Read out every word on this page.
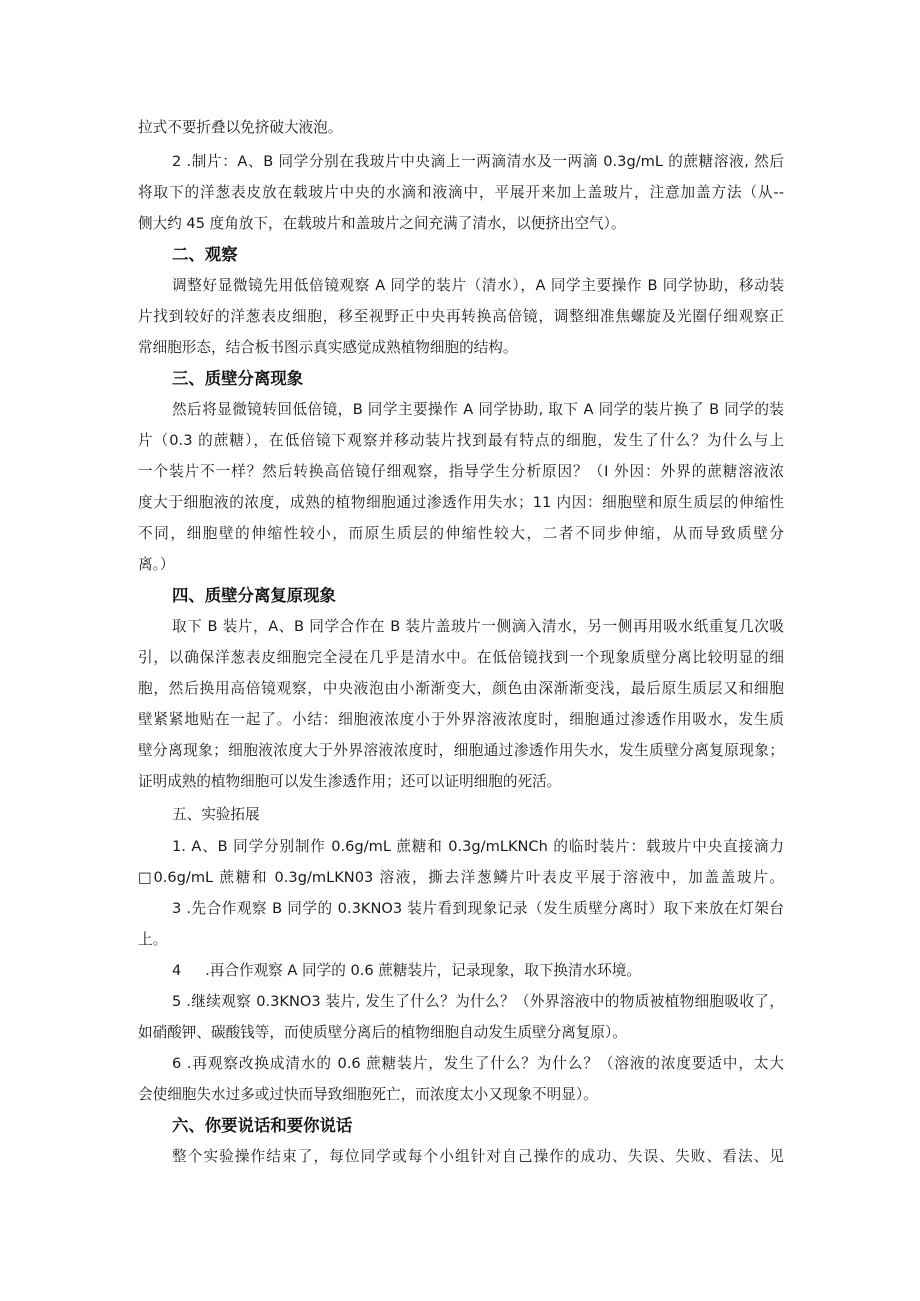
拉式不要折叠以免挤破大液泡。
2 .制片：A、B 同学分别在我玻片中央滴上一两滴清水及一两滴 0.3g/mL 的蔗糖溶液, 然后
将取下的洋葱表皮放在载玻片中央的水滴和液滴中，平展开来加上盖玻片，注意加盖方法（从--
侧大约 45 度角放下，在载玻片和盖玻片之间充满了清水，以便挤出空气）。
二、观察
调整好显微镜先用低倍镜观察 A 同学的装片（清水），A 同学主要操作 B 同学协助，移动装
片找到较好的洋葱表皮细胞，移至视野正中央再转换高倍镜，调整细准焦螺旋及光圈仔细观察正
常细胞形态，结合板书图示真实感觉成熟植物细胞的结构。
三、质壁分离现象
然后将显微镜转回低倍镜，B 同学主要操作 A 同学协助, 取下 A 同学的装片换了 B 同学的装
片（0.3 的蔗糖），在低倍镜下观察并移动装片找到最有特点的细胞，发生了什么？为什么与上
一个装片不一样？然后转换高倍镜仔细观察，指导学生分析原因？（I 外因：外界的蔗糖溶液浓
度大于细胞液的浓度，成熟的植物细胞通过渗透作用失水；11 内因：细胞壁和原生质层的伸缩性
不同，细胞壁的伸缩性较小，而原生质层的伸缩性较大，二者不同步伸缩，从而导致质壁分
离。）
四、质壁分离复原现象
取下 B 装片，A、B 同学合作在 B 装片盖玻片一侧滴入清水，另一侧再用吸水纸重复几次吸
引，以确保洋葱表皮细胞完全浸在几乎是清水中。在低倍镜找到一个现象质壁分离比较明显的细
胞，然后换用高倍镜观察，中央液泡由小渐渐变大，颜色由深渐渐变浅，最后原生质层又和细胞
壁紧紧地贴在一起了。小结：细胞液浓度小于外界溶液浓度时，细胞通过渗透作用吸水，发生质
壁分离现象；细胞液浓度大于外界溶液浓度时，细胞通过渗透作用失水，发生质壁分离复原现象；
证明成熟的植物细胞可以发生渗透作用；还可以证明细胞的死活。
五、实验拓展
1. A、B 同学分别制作 0.6g/mL 蔗糖和 0.3g/mLKNCh 的临时装片：载玻片中央直接滴力
□0.6g∕mL 蔗糖和 0.3g∕mLKN03 溶液，撕去洋葱鳞片叶表皮平展于溶液中，加盖盖玻片。
3 .先合作观察 B 同学的 0.3KNO3 装片看到现象记录（发生质壁分离时）取下来放在灯架台
上。
4 　 .再合作观察 A 同学的 0.6 蔗糖装片，记录现象，取下换清水环境。
5 .继续观察 0.3KNO3 装片, 发生了什么？为什么？（外界溶液中的物质被植物细胞吸收了，
如硝酸钾、碳酸钱等，而使质壁分离后的植物细胞自动发生质壁分离复原）。
6 .再观察改换成清水的 0.6 蔗糖装片，发生了什么？为什么？（溶液的浓度要适中，太大
会使细胞失水过多或过快而导致细胞死亡，而浓度太小又现象不明显）。
六、你要说话和要你说话
整个实验操作结束了，每位同学或每个小组针对自己操作的成功、失误、失败、看法、见
